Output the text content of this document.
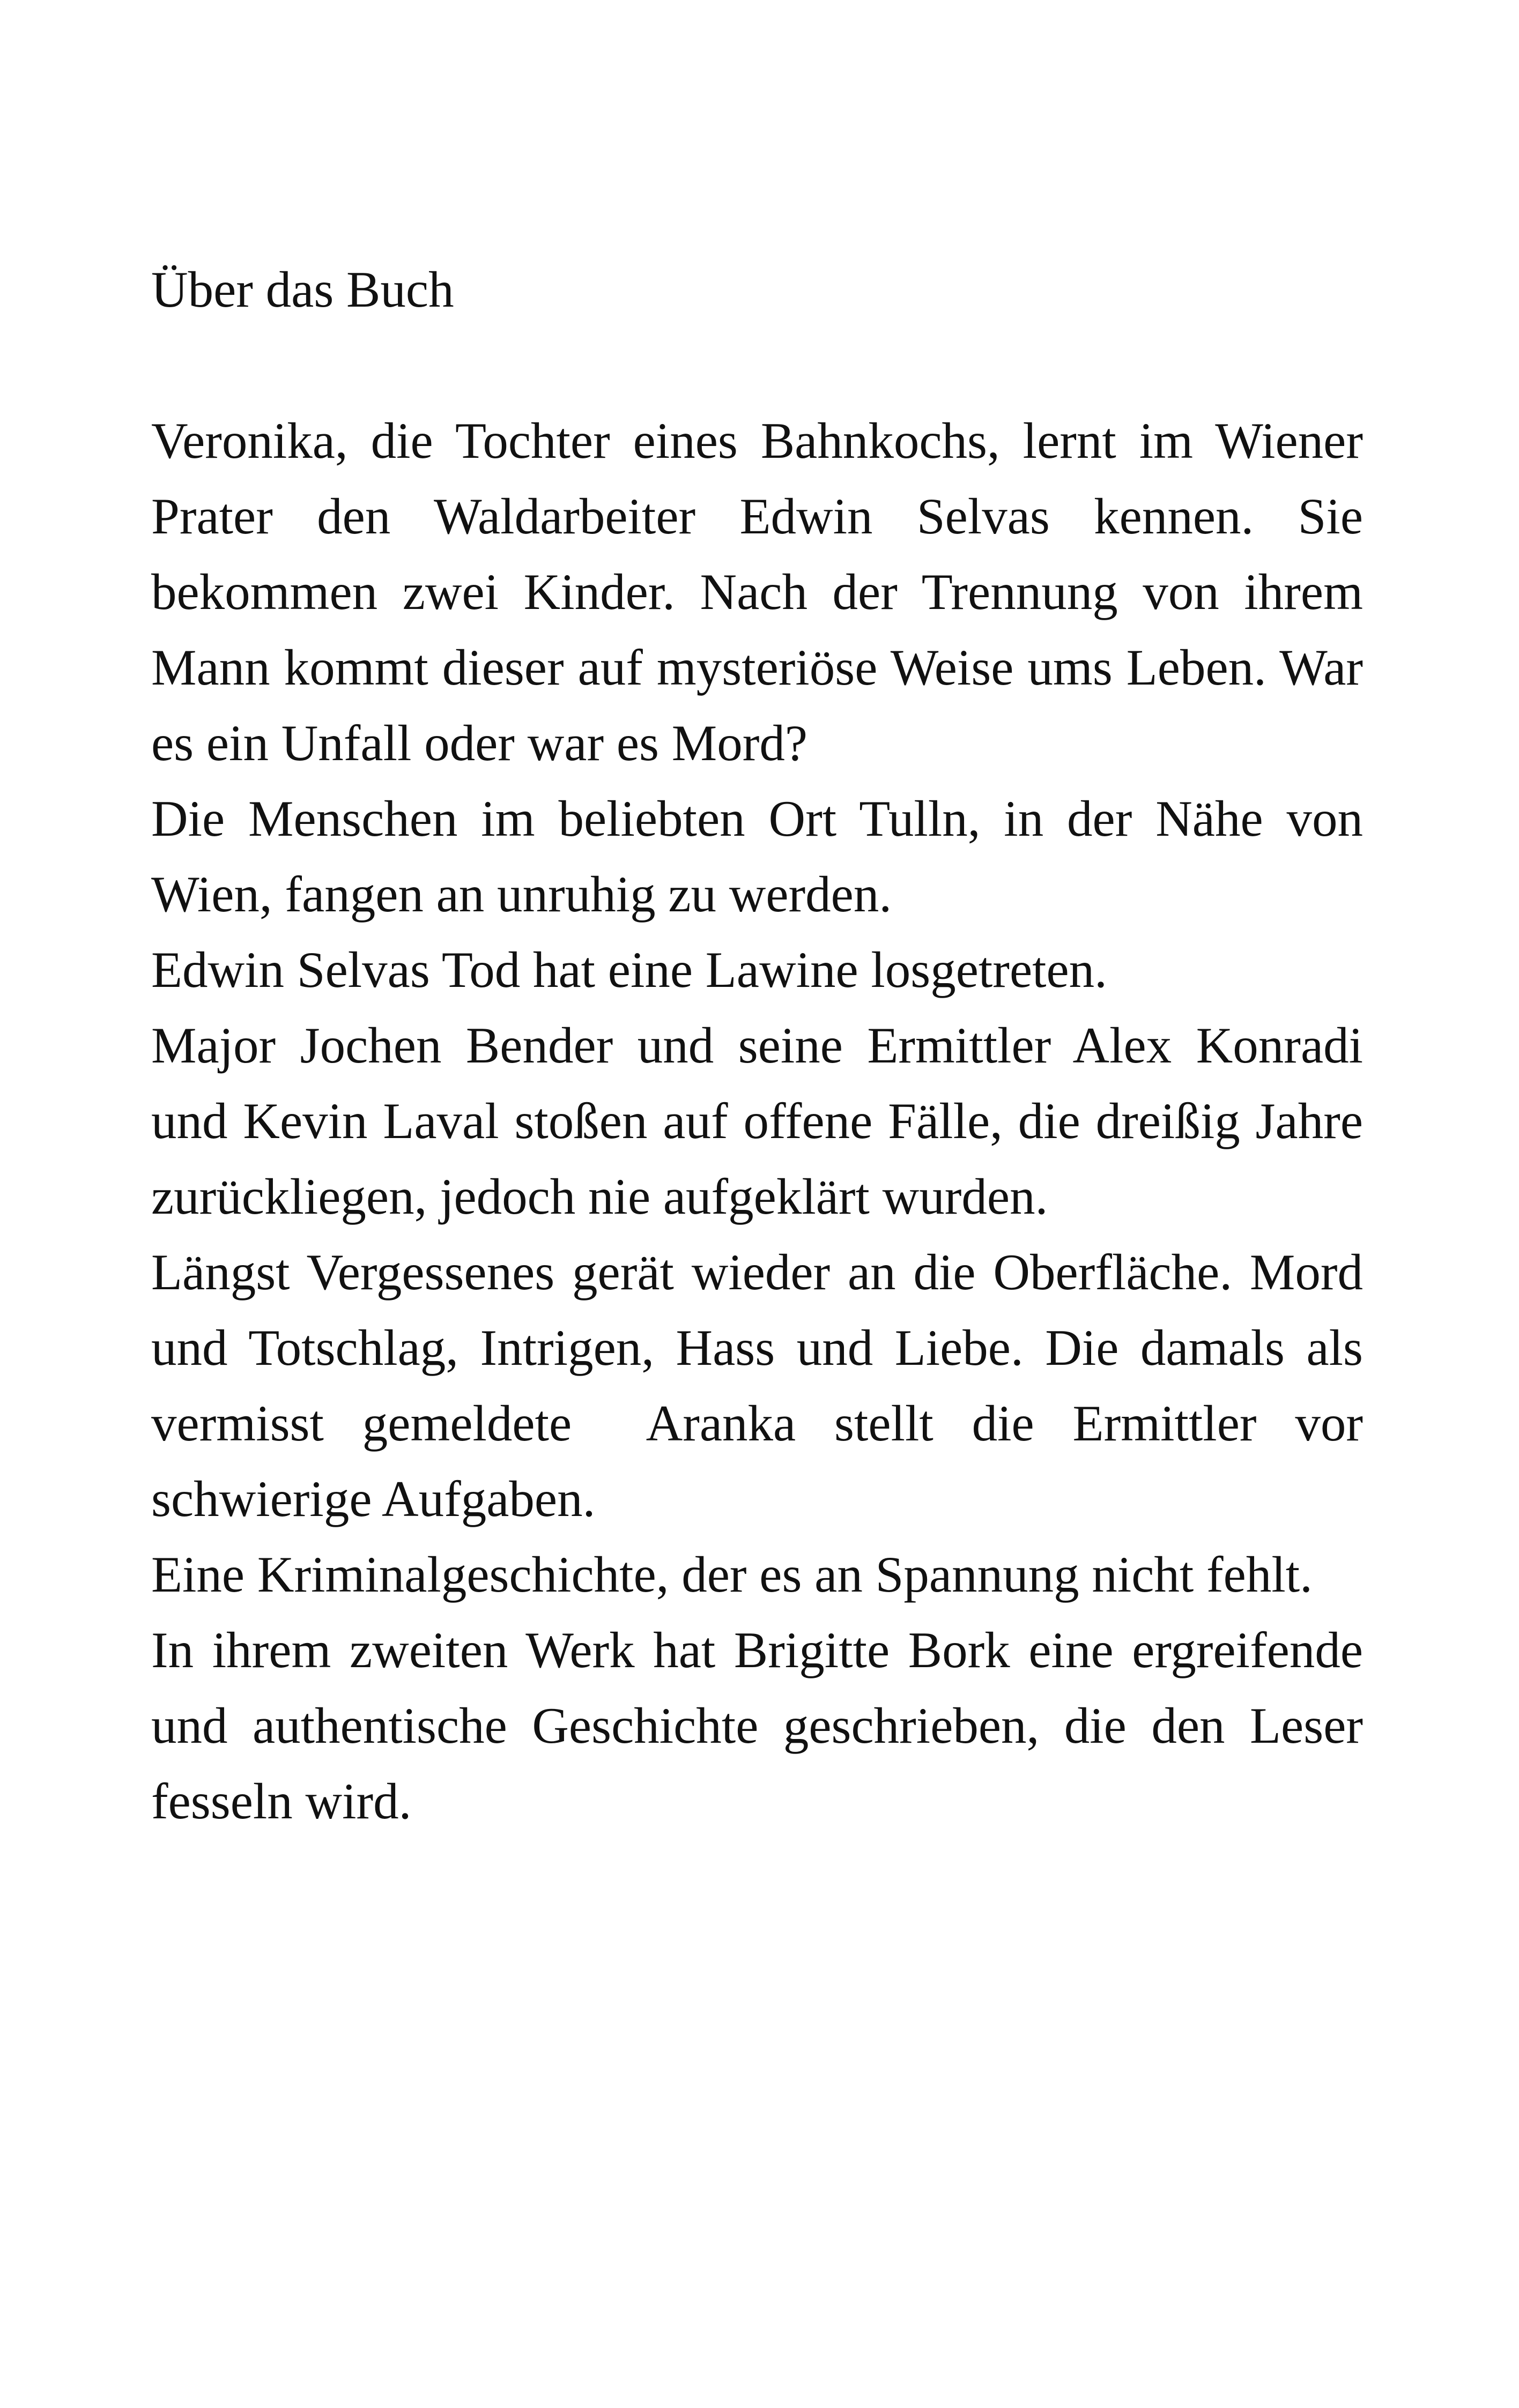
Über das Buch

Veronika, die Tochter eines Bahnkochs, lernt im Wiener Prater den Waldarbeiter Edwin Selvas kennen. Sie bekommen zwei Kinder. Nach der Trennung von ihrem Mann kommt dieser auf mysteriöse Weise ums Leben. War es ein Unfall oder war es Mord?

Die Menschen im beliebten Ort Tulln, in der Nähe von Wien, fangen an unruhig zu werden.

Edwin Selvas Tod hat eine Lawine losgetreten.

Major Jochen Bender und seine Ermittler Alex Konradi und Kevin Laval stoßen auf offene Fälle, die dreißig Jahre zurückliegen, jedoch nie aufgeklärt wurden.

Längst Vergessenes gerät wieder an die Oberfläche. Mord und Totschlag, Intrigen, Hass und Liebe. Die damals als vermisst gemeldete  Aranka stellt die Ermittler vor schwierige Aufgaben.

Eine Kriminalgeschichte, der es an Spannung nicht fehlt.

In ihrem zweiten Werk hat Brigitte Bork eine ergreifende und authentische Geschichte geschrieben, die den Leser fesseln wird.
